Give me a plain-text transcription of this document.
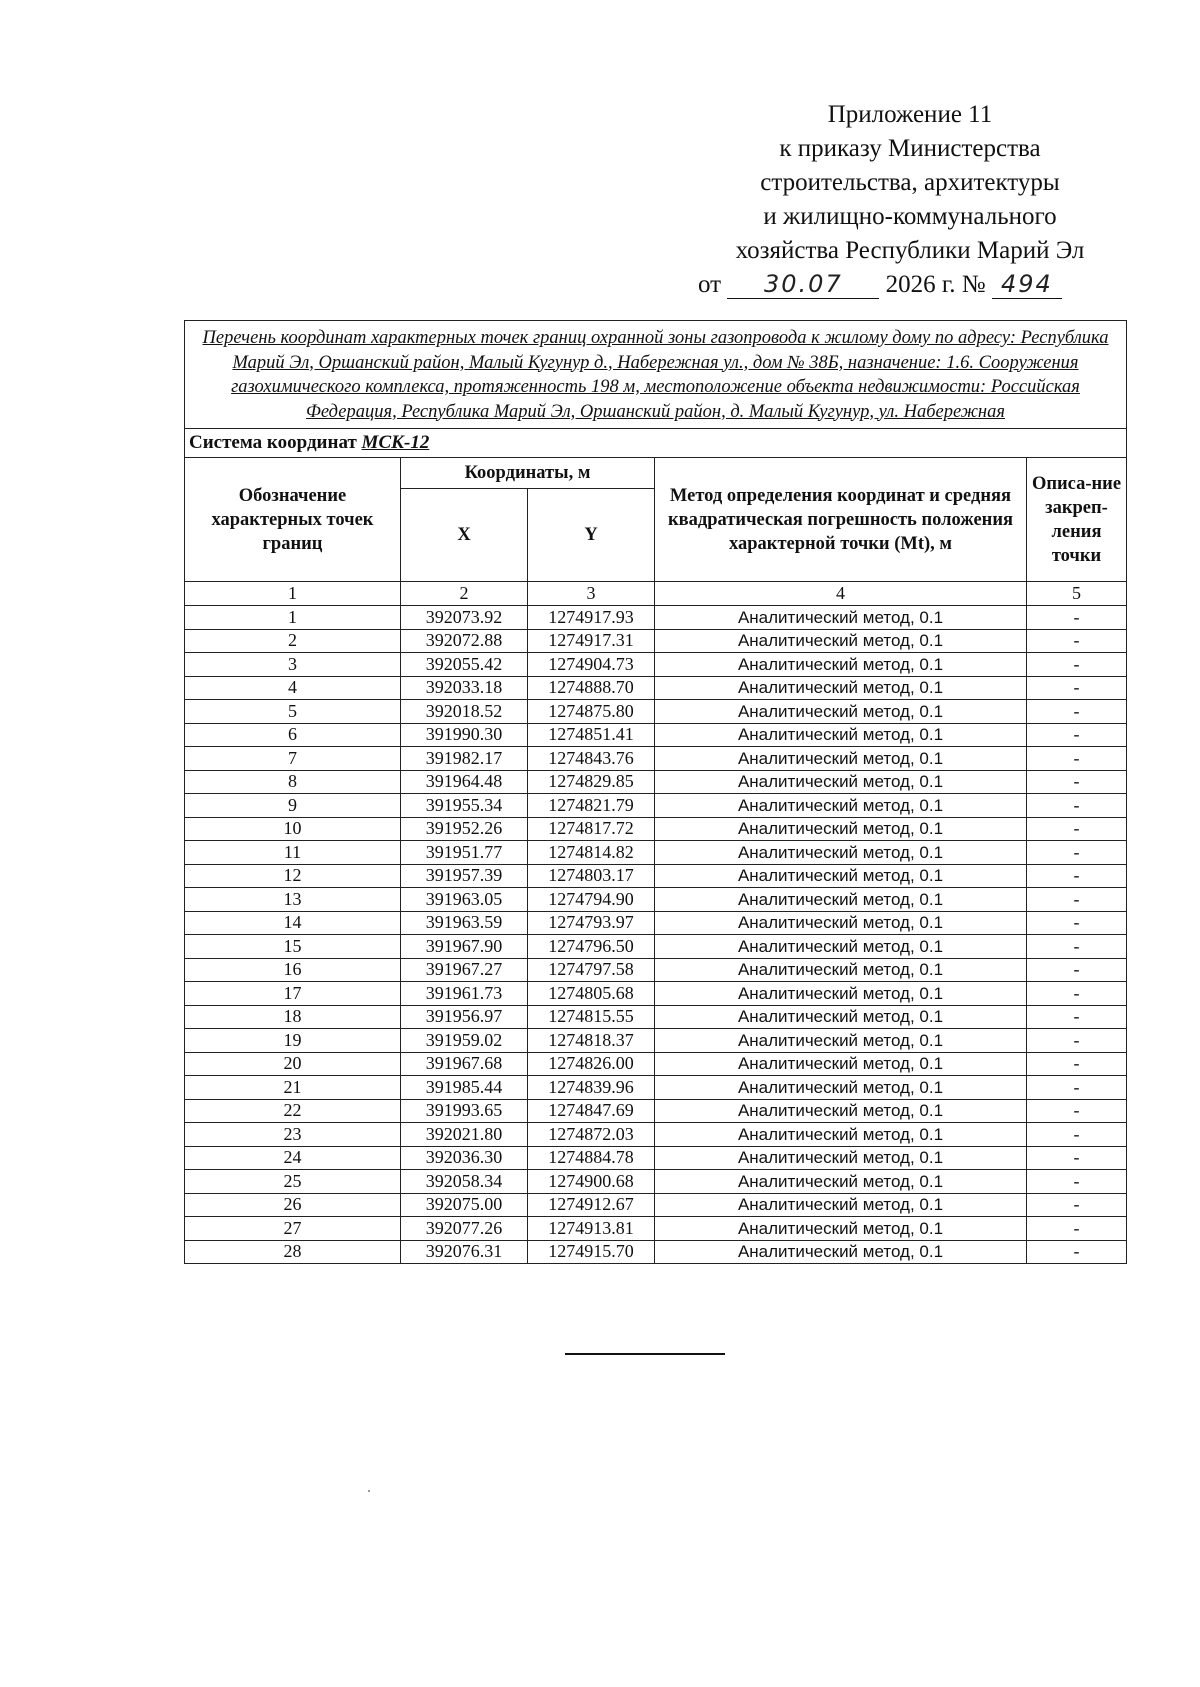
Приложение 11
к приказу Министерства
строительства, архитектуры
и жилищно-коммунального
хозяйства Республики Марий Эл
от 30.07 2026 г. № 494
Перечень координат характерных точек границ охранной зоны газопровода к жилому дому по адресу: Республика Марий Эл, Оршанский район, Малый Кугунур д., Набережная ул., дом № 38Б, назначение: 1.6. Сооружения газохимического комплекса, протяженность 198 м, местоположение объекта недвижимости: Российская Федерация, Республика Марий Эл, Оршанский район, д. Малый Кугунур, ул. Набережная				
Система координат МСК-12				
Обозначение характерных точек границ	Координаты, м		Метод определения координат и средняя квадратическая погрешность положения характерной точки (Mt), м	Описа-ние закреп-ления точки
	X	Y		
1	2	3	4	5
1	392073.92	1274917.93	Аналитический метод, 0.1	-
2	392072.88	1274917.31	Аналитический метод, 0.1	-
3	392055.42	1274904.73	Аналитический метод, 0.1	-
4	392033.18	1274888.70	Аналитический метод, 0.1	-
5	392018.52	1274875.80	Аналитический метод, 0.1	-
6	391990.30	1274851.41	Аналитический метод, 0.1	-
7	391982.17	1274843.76	Аналитический метод, 0.1	-
8	391964.48	1274829.85	Аналитический метод, 0.1	-
9	391955.34	1274821.79	Аналитический метод, 0.1	-
10	391952.26	1274817.72	Аналитический метод, 0.1	-
11	391951.77	1274814.82	Аналитический метод, 0.1	-
12	391957.39	1274803.17	Аналитический метод, 0.1	-
13	391963.05	1274794.90	Аналитический метод, 0.1	-
14	391963.59	1274793.97	Аналитический метод, 0.1	-
15	391967.90	1274796.50	Аналитический метод, 0.1	-
16	391967.27	1274797.58	Аналитический метод, 0.1	-
17	391961.73	1274805.68	Аналитический метод, 0.1	-
18	391956.97	1274815.55	Аналитический метод, 0.1	-
19	391959.02	1274818.37	Аналитический метод, 0.1	-
20	391967.68	1274826.00	Аналитический метод, 0.1	-
21	391985.44	1274839.96	Аналитический метод, 0.1	-
22	391993.65	1274847.69	Аналитический метод, 0.1	-
23	392021.80	1274872.03	Аналитический метод, 0.1	-
24	392036.30	1274884.78	Аналитический метод, 0.1	-
25	392058.34	1274900.68	Аналитический метод, 0.1	-
26	392075.00	1274912.67	Аналитический метод, 0.1	-
27	392077.26	1274913.81	Аналитический метод, 0.1	-
28	392076.31	1274915.70	Аналитический метод, 0.1	-
